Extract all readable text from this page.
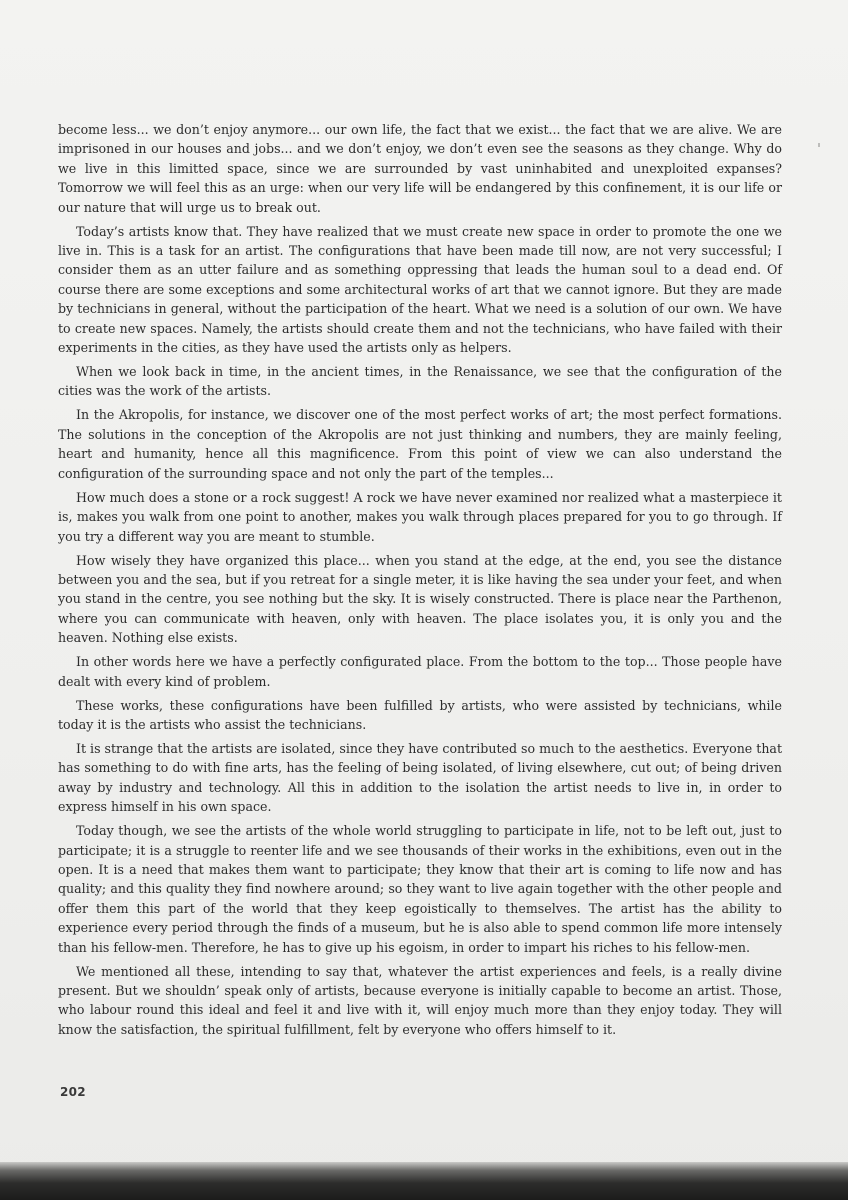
become less... we don’t enjoy anymore... our own life, the fact that we exist... the fact that we are alive. We are imprisoned in our houses and jobs... and we don’t enjoy, we don’t even see the seasons as they change. Why do we live in this limitted space, since we are surrounded by vast uninhabited and unexploited expanses? Tomorrow we will feel this as an urge: when our very life will be endangered by this confinement, it is our life or our nature that will urge us to break out.

Today’s artists know that. They have realized that we must create new space in order to promote the one we live in. This is a task for an artist. The configurations that have been made till now, are not very successful; I consider them as an utter failure and as something oppressing that leads the human soul to a dead end. Of course there are some exceptions and some architectural works of art that we cannot ignore. But they are made by technicians in general, without the participation of the heart. What we need is a solution of our own. We have to create new spaces. Namely, the artists should create them and not the technicians, who have failed with their experiments in the cities, as they have used the artists only as helpers.

When we look back in time, in the ancient times, in the Renaissance, we see that the configuration of the cities was the work of the artists.

In the Akropolis, for instance, we discover one of the most perfect works of art; the most perfect formations. The solutions in the conception of the Akropolis are not just thinking and numbers, they are mainly feeling, heart and humanity, hence all this magnificence. From this point of view we can also understand the configuration of the surrounding space and not only the part of the temples...

How much does a stone or a rock suggest! A rock we have never examined nor realized what a masterpiece it is, makes you walk from one point to another, makes you walk through places prepared for you to go through. If you try a different way you are meant to stumble.

How wisely they have organized this place... when you stand at the edge, at the end, you see the distance between you and the sea, but if you retreat for a single meter, it is like having the sea under your feet, and when you stand in the centre, you see nothing but the sky. It is wisely constructed. There is place near the Parthenon, where you can communicate with heaven, only with heaven. The place isolates you, it is only you and the heaven. Nothing else exists.

In other words here we have a perfectly configurated place. From the bottom to the top... Those people have dealt with every kind of problem.

These works, these configurations have been fulfilled by artists, who were assisted by technicians, while today it is the artists who assist the technicians.

It is strange that the artists are isolated, since they have contributed so much to the aesthetics. Everyone that has something to do with fine arts, has the feeling of being isolated, of living elsewhere, cut out; of being driven away by industry and technology. All this in addition to the isolation the artist needs to live in, in order to express himself in his own space.

Today though, we see the artists of the whole world struggling to participate in life, not to be left out, just to participate; it is a struggle to reenter life and we see thousands of their works in the exhibitions, even out in the open. It is a need that makes them want to participate; they know that their art is coming to life now and has quality; and this quality they find nowhere around; so they want to live again together with the other people and offer them this part of the world that they keep egoistically to themselves. The artist has the ability to experience every period through the finds of a museum, but he is also able to spend common life more intensely than his fellow-men. Therefore, he has to give up his egoism, in order to impart his riches to his fellow-men.

We mentioned all these, intending to say that, whatever the artist experiences and feels, is a really divine present. But we shouldn’ speak only of artists, because everyone is initially capable to become an artist. Those, who labour round this ideal and feel it and live with it, will enjoy much more than they enjoy today. They will know the satisfaction, the spiritual fulfillment, felt by everyone who offers himself to it.

202
